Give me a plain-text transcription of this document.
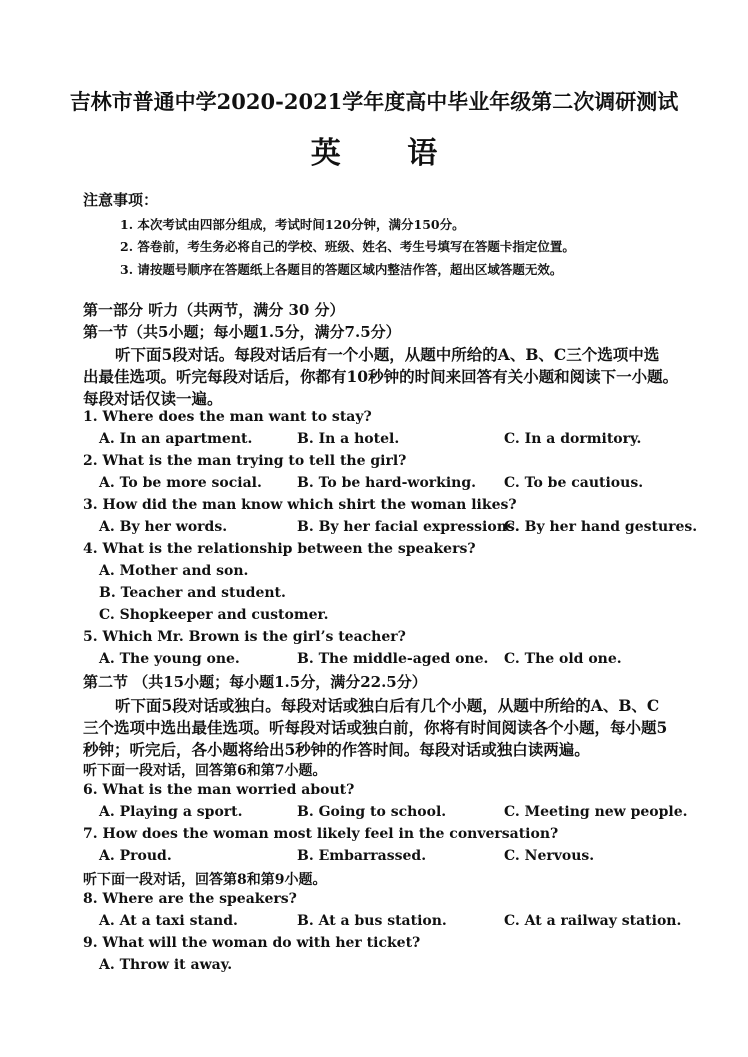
吉林市普通中学2020-2021学年度高中毕业年级第二次调研测试
英 语
注意事项：
1. 本次考试由四部分组成，考试时间120分钟，满分150分。
2. 答卷前，考生务必将自己的学校、班级、姓名、考生号填写在答题卡指定位置。
3. 请按题号顺序在答题纸上各题目的答题区域内整洁作答，超出区域答题无效。
第一部分 听力（共两节，满分 30 分）
第一节（共5小题；每小题1.5分，满分7.5分）
听下面5段对话。每段对话后有一个小题，从题中所给的A、B、C三个选项中选
出最佳选项。听完每段对话后，你都有10秒钟的时间来回答有关小题和阅读下一小题。
每段对话仅读一遍。
1. Where does the man want to stay?
A. In an apartment.	B. In a hotel.	C. In a dormitory.
2. What is the man trying to tell the girl?
A. To be more social.	B. To be hard-working. C. To be cautious.
3. How did the man know which shirt the woman likes?
A. By her words.	B. By her facial expressions.
C. By her hand gestures.
4. What is the relationship between the speakers?
A. Mother and son.
B. Teacher and student.
C. Shopkeeper and customer.
5. Which Mr. Brown is the girl’s teacher?
A. The young one.	B. The middle-aged one. C. The old one.
第二节 （共15小题；每小题1.5分，满分22.5分）
听下面5段对话或独白。每段对话或独白后有几个小题，从题中所给的A、B、C
三个选项中选出最佳选项。听每段对话或独白前，你将有时间阅读各个小题，每小题5
秒钟；听完后，各小题将给出5秒钟的作答时间。每段对话或独白读两遍。
听下面一段对话，回答第6和第7小题。
6. What is the man worried about?
A. Playing a sport.	B. Going to school.	C. Meeting new people.
7. How does the woman most likely feel in the conversation?
A. Proud.	B. Embarrassed.	C. Nervous.
听下面一段对话，回答第8和第9小题。
8. Where are the speakers?
A. At a taxi stand.	B. At a bus station.	C. At a railway station.
9. What will the woman do with her ticket?
A. Throw it away.
